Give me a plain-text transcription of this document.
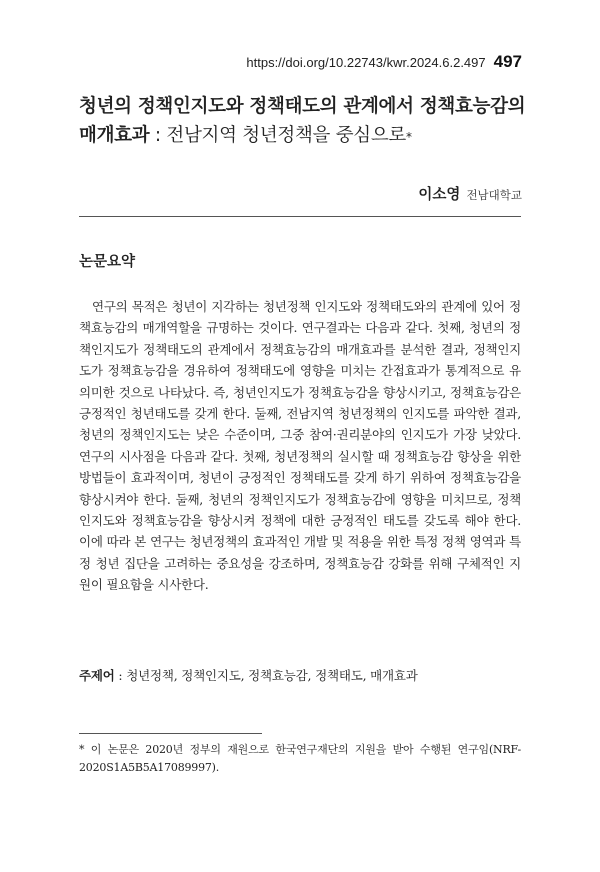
https://doi.org/10.22743/kwr.2024.6.2.497 497
청년의 정책인지도와 정책태도의 관계에서 정책효능감의 매개효과 : 전남지역 청년정책을 중심으로*
이소영 전남대학교
논문요약

연구의 목적은 청년이 지각하는 청년정책 인지도와 정책태도와의 관계에 있어 정책효능감의 매개역할을 규명하는 것이다. 연구결과는 다음과 같다. 첫째, 청년의 정책인지도가 정책태도의 관계에서 정책효능감의 매개효과를 분석한 결과, 정책인지도가 정책효능감을 경유하여 정책태도에 영향을 미치는 간접효과가 통계적으로 유의미한 것으로 나타났다. 즉, 청년인지도가 정책효능감을 향상시키고, 정책효능감은 긍정적인 청년태도를 갖게 한다. 둘째, 전남지역 청년정책의 인지도를 파악한 결과, 청년의 정책인지도는 낮은 수준이며, 그중 참여·권리분야의 인지도가 가장 낮았다. 연구의 시사점을 다음과 같다. 첫째, 청년정책의 실시할 때 정책효능감 향상을 위한 방법들이 효과적이며, 청년이 긍정적인 정책태도를 갖게 하기 위하여 정책효능감을 향상시켜야 한다. 둘째, 청년의 정책인지도가 정책효능감에 영향을 미치므로, 정책인지도와 정책효능감을 향상시켜 정책에 대한 긍정적인 태도를 갖도록 해야 한다. 이에 따라 본 연구는 청년정책의 효과적인 개발 및 적용을 위한 특정 정책 영역과 특정 청년 집단을 고려하는 중요성을 강조하며, 정책효능감 강화를 위해 구체적인 지원이 필요함을 시사한다.

주제어 : 청년정책, 정책인지도, 정책효능감, 정책태도, 매개효과
* 이 논문은 2020년 정부의 재원으로 한국연구재단의 지원을 받아 수행된 연구임(NRF-2020S1A5B5A17089997).
